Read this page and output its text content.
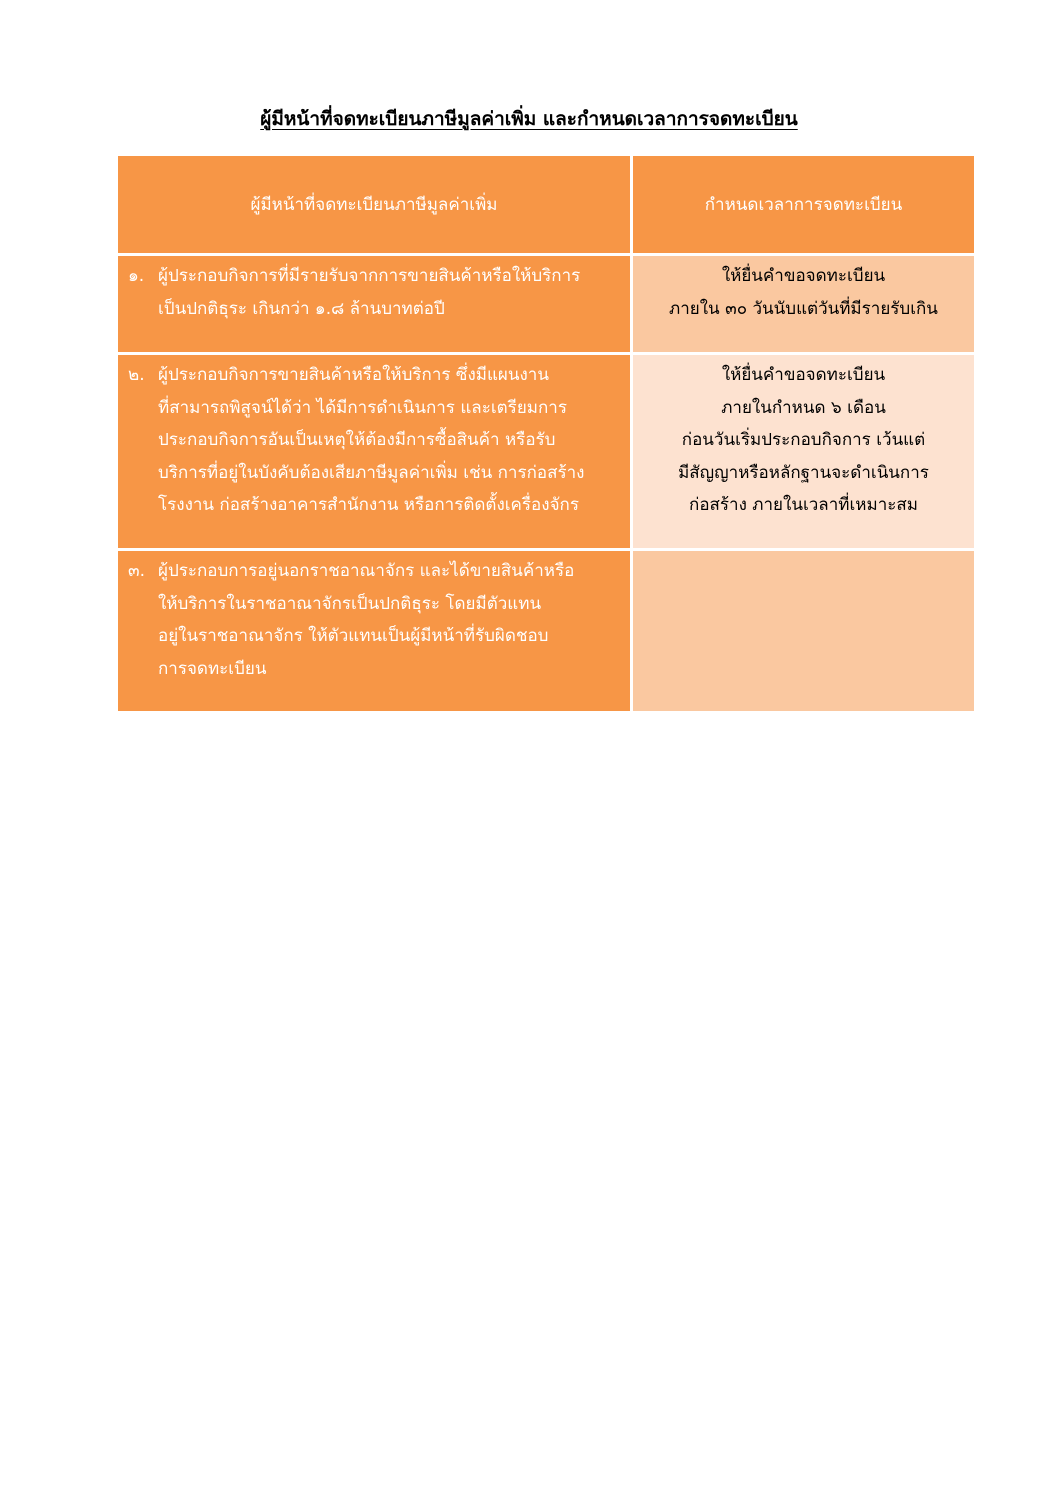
ผู้มีหน้าที่จดทะเบียนภาษีมูลค่าเพิ่ม และกำหนดเวลาการจดทะเบียน
ผู้มีหน้าที่จดทะเบียนภาษีมูลค่าเพิ่ม	กำหนดเวลาการจดทะเบียน
๑. ผู้ประกอบกิจการที่มีรายรับจากการขายสินค้าหรือให้บริการ
เป็นปกติธุระ เกินกว่า ๑.๘ ล้านบาทต่อปี
ให้ยื่นคำขอจดทะเบียน
ภายใน ๓๐ วันนับแต่วันที่มีรายรับเกิน
๒. ผู้ประกอบกิจการขายสินค้าหรือให้บริการ ซึ่งมีแผนงาน
ที่สามารถพิสูจน์ได้ว่า ได้มีการดำเนินการ และเตรียมการ
ประกอบกิจการอันเป็นเหตุให้ต้องมีการซื้อสินค้า หรือรับ
บริการที่อยู่ในบังคับต้องเสียภาษีมูลค่าเพิ่ม เช่น การก่อสร้าง
โรงงาน ก่อสร้างอาคารสำนักงาน หรือการติดตั้งเครื่องจักร
ให้ยื่นคำขอจดทะเบียน
ภายในกำหนด ๖ เดือน
ก่อนวันเริ่มประกอบกิจการ เว้นแต่
มีสัญญาหรือหลักฐานจะดำเนินการ
ก่อสร้าง ภายในเวลาที่เหมาะสม
๓. ผู้ประกอบการอยู่นอกราชอาณาจักร และได้ขายสินค้าหรือ
ให้บริการในราชอาณาจักรเป็นปกติธุระ โดยมีตัวแทน
อยู่ในราชอาณาจักร ให้ตัวแทนเป็นผู้มีหน้าที่รับผิดชอบ
การจดทะเบียน
